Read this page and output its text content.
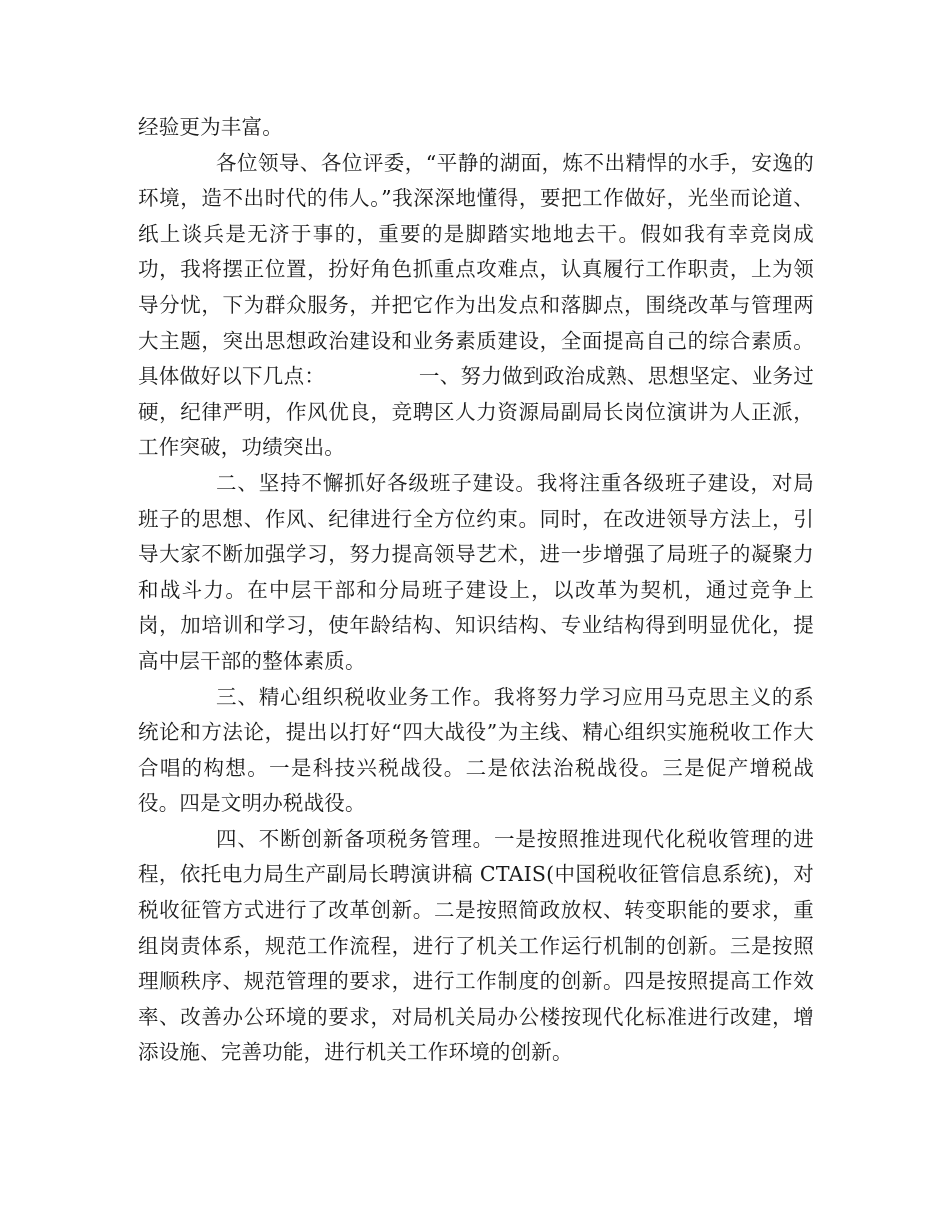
经验更为丰富。

各位领导、各位评委，“平静的湖面，炼不出精悍的水手，安逸的环境，造不出时代的伟人。”我深深地懂得，要把工作做好，光坐而论道、纸上谈兵是无济于事的，重要的是脚踏实地地去干。假如我有幸竞岗成功，我将摆正位置，扮好角色抓重点攻难点，认真履行工作职责，上为领导分忧，下为群众服务，并把它作为出发点和落脚点，围绕改革与管理两大主题，突出思想政治建设和业务素质建设，全面提高自己的综合素质。具体做好以下几点：　　　　　一、努力做到政治成熟、思想坚定、业务过硬，纪律严明，作风优良，竞聘区人力资源局副局长岗位演讲为人正派，工作突破，功绩突出。

二、坚持不懈抓好各级班子建设。我将注重各级班子建设，对局班子的思想、作风、纪律进行全方位约束。同时，在改进领导方法上，引导大家不断加强学习，努力提高领导艺术，进一步增强了局班子的凝聚力和战斗力。在中层干部和分局班子建设上，以改革为契机，通过竞争上岗，加培训和学习，使年龄结构、知识结构、专业结构得到明显优化，提高中层干部的整体素质。

三、精心组织税收业务工作。我将努力学习应用马克思主义的系统论和方法论，提出以打好“四大战役”为主线、精心组织实施税收工作大合唱的构想。一是科技兴税战役。二是依法治税战役。三是促产增税战役。四是文明办税战役。

四、不断创新备项税务管理。一是按照推进现代化税收管理的进程，依托电力局生产副局长聘演讲稿 CTAIS(中国税收征管信息系统)，对税收征管方式进行了改革创新。二是按照简政放权、转变职能的要求，重组岗责体系，规范工作流程，进行了机关工作运行机制的创新。三是按照理顺秩序、规范管理的要求，进行工作制度的创新。四是按照提高工作效率、改善办公环境的要求，对局机关局办公楼按现代化标准进行改建，增添设施、完善功能，进行机关工作环境的创新。
